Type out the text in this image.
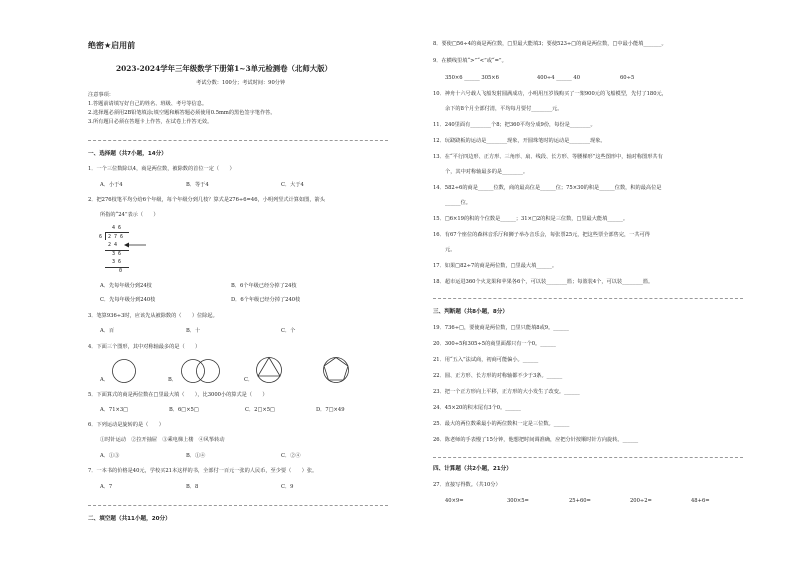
绝密★启用前
2023-2024学年三年级数学下册第1~3单元检测卷（北师大版）
考试分数：100分；考试时间：90分钟
注意事项：
1.答题前请填写好自己的姓名、班级、考号等信息。
2.选择题必须用2B铅笔填涂;填空题和解答题必须使用0.5mm的黑色签字笔作答。
3.所有题目必须在答题卡上作答，在试卷上作答无效。
一、选择题（共7小题，14分）
1．一个三位数除以4，商是两位数，被除数的首位一定（　　）
A．小于4	B．等于4	C．大于4
2．把276枝笔平均分给6个年级，每个年级分到几枝？算式是276÷6=46，小明列竖式计算如图，箭头
所指的“24”表示（　　）
4 6
6 2 7 6
2 4
3 6
3 6
0
A．先每年级分到24枝	B．6个年级已经分掉了24枝
C．先每年级分到240枝	D．6个年级已经分掉了240枝
3．笔算936÷3时，应该先从被除数的（　　）位除起。
A．百	B．十	C．个
4．下面三个图形，其中对称轴最多的是（　　）
A．	B．	C．
5．下面算式的商是两位数在□里最大填（　　），比3000小的算式是（　　）
A．71×3□	B．6□×5□	C．2□×5□	D．7□×49
6．下列运动是旋转的是（　　）
①时针运动　②拉开抽屉　③乘电梯上楼　④风筝转动
A．①③	B．①④	C．②④
7．一本书的价格是40元，学校买21本这样的书，全部付一百元一张的人民币，至少要（　　）张。
A．7	B．8	C．9
二、填空题（共11小题，20分）
8．要使□56÷4的商是两位数，□里最大能填3；要使523÷□的商是两位数，□中最小能填_______。
9．在横线里填“>”“<”或“=”。
350×6 ______ 305×6	400÷4 ______ 40	60÷5
10．神舟十六号载人飞船发射圆满成功，小明用压岁钱购买了一架900元的飞船模型，先付了180元，
余下的8个月全部付清，平均每月要付________元。
11．240里面有________个8；把360平均分成9份，每份是________。
12．玩跷跷板的运动是________现象，开圆珠笔时的运动是________现象。
13．在“平行四边形、正方形、三角形、扇、线段、长方形、等腰梯形”这些图形中，轴对称图形共有
个，其中对称轴最多的是________。
14．582÷6的商是______位数，商的最高位是______位；75×30的积是______位数，积的最高位是
______位。
15．□6×19的积的个位数是______；31×□2的积是三位数，□里最大能填______。
16．有67个座位的森林音乐厅和狮子举办音乐会，每张票25元，把这些票全部售完，一共可得
元。
17．如果□82÷7的商是两位数，□里最大填______。
18．超市运进360个火龙果和苹果各6个，可以装________篮；每篮装4个，可以装________篮。
三、判断题（共8小题，8分）
19．736÷□，要使商是两位数，□里只能填8或9。______
20．300÷5和305÷5的商里面都只有一个0。______
21．用“五入”法试商，初商可能偏小。______
22．圆、正方形、长方形的对称轴都不少于3条。______
23．把一个正方形向上平移，正方形的大小发生了改变。______
24．45×20的积末尾有3个0。______
25．最大的两位数乘最小的两位数积一定是三位数。______
26．陈老师的手表慢了15分钟，他想把时间调准确，应把分针按顺时针方向旋转。______
四、计算题（共2小题，21分）
27．直接写得数。（共10分）
40×9=	300×5=	25+60=	200÷2=	48+6=
